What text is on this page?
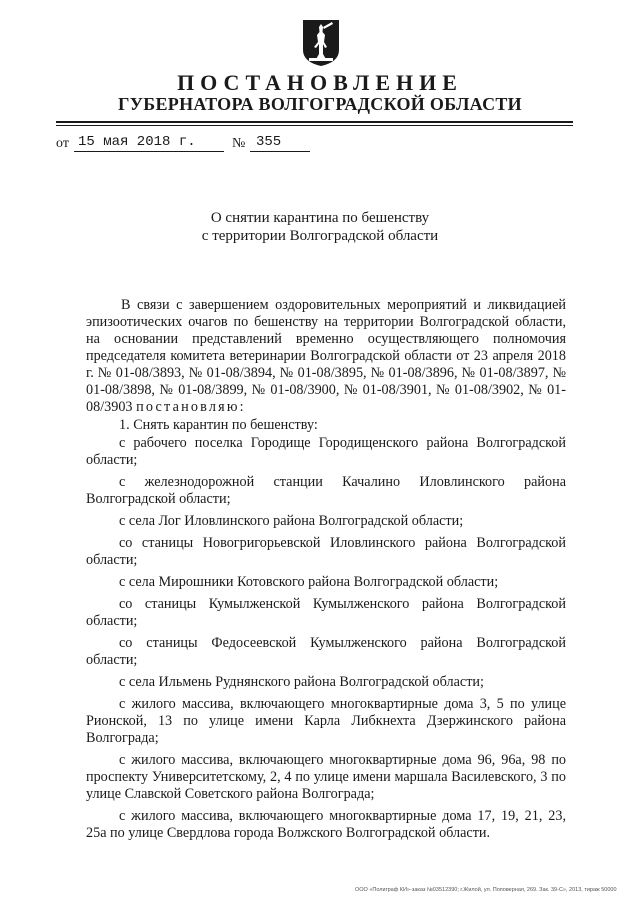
ПОСТАНОВЛЕНИЕ
ГУБЕРНАТОРА ВОЛГОГРАДСКОЙ ОБЛАСТИ
от 15 мая 2018 г.	№ 355
О снятии карантина по бешенству
с территории Волгоградской области

В связи с завершением оздоровительных мероприятий и ликвидацией эпизоотических очагов по бешенству на территории Волгоградской области, на основании представлений временно осуществляющего полномочия председателя комитета ветеринарии Волгоградской области от 23 апреля 2018 г. № 01-08/3893, № 01-08/3894, № 01-08/3895, № 01-08/3896, № 01-08/3897, № 01-08/3898, № 01-08/3899, № 01-08/3900, № 01-08/3901, № 01-08/3902, № 01-08/3903 постановляю:

1. Снять карантин по бешенству:

с рабочего поселка Городище Городищенского района Волгоградской области;

с железнодорожной станции Качалино Иловлинского района Волгоградской области;

с села Лог Иловлинского района Волгоградской области;

со станицы Новогригорьевской Иловлинского района Волгоградской области;

с села Мирошники Котовского района Волгоградской области;

со станицы Кумылженской Кумылженского района Волгоградской области;

со станицы Федосеевской Кумылженского района Волгоградской области;

с села Ильмень Руднянского района Волгоградской области;

с жилого массива, включающего многоквартирные дома 3, 5 по улице Рионской, 13 по улице имени Карла Либкнехта Дзержинского района Волгограда;

с жилого массива, включающего многоквартирные дома 96, 96а, 98 по проспекту Университетскому, 2, 4 по улице имени маршала Василевского, 3 по улице Славской Советского района Волгограда;

с жилого массива, включающего многоквартирные дома 17, 19, 21, 23, 25а по улице Свердлова города Волжского Волгоградской области.

ООО «Полиграф КИ»-заказ №03512390; г.Жилой, ул. Поповерная, 269. Зак. 39-С», 2013, тираж 50000
